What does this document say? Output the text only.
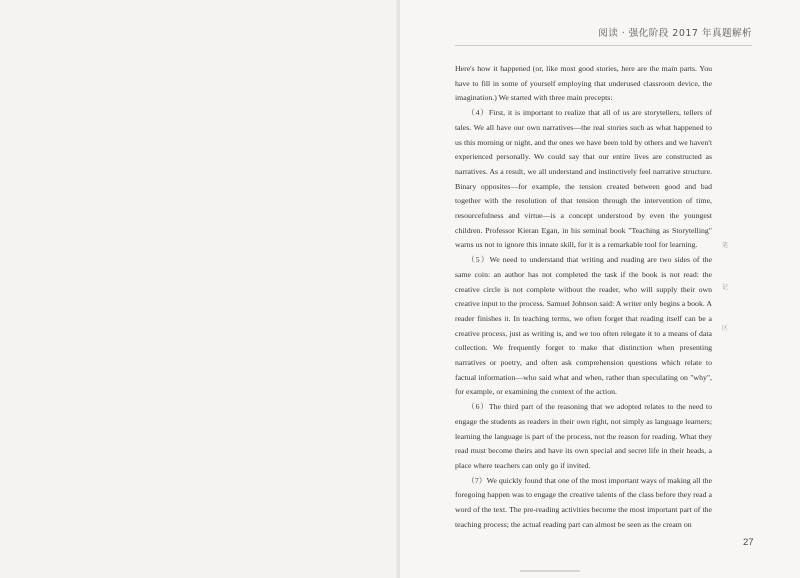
阅读 · 强化阶段 2017 年真题解析

Here's how it happened (or, like most good stories, here are the main parts. You have to fill in some of yourself employing that underused classroom device, the imagination.) We started with three main precepts:

（4）First, it is important to realize that all of us are storytellers, tellers of tales. We all have our own narratives—the real stories such as what happened to us this morning or night, and the ones we have been told by others and we haven't experienced personally. We could say that our entire lives are constructed as narratives. As a result, we all understand and instinctively feel narrative structure. Binary opposites—for example, the tension created between good and bad together with the resolution of that tension through the intervention of time, resourcefulness and virtue—is a concept understood by even the youngest children. Professor Kieran Egan, in his seminal book "Teaching as Storytelling" warns us not to ignore this innate skill, for it is a remarkable tool for learning.

（5）We need to understand that writing and reading are two sides of the same coin: an author has not completed the task if the book is not read: the creative circle is not complete without the reader, who will supply their own creative input to the process. Samuel Johnson said: A writer only begins a book. A reader finishes it. In teaching terms, we often forget that reading itself can be a creative process, just as writing is, and we too often relegate it to a means of data collection. We frequently forget to make that distinction when presenting narratives or poetry, and often ask comprehension questions which relate to factual information—who said what and when, rather than speculating on "why", for example, or examining the context of the action.

（6）The third part of the reasoning that we adopted relates to the need to engage the students as readers in their own right, not simply as language learners; learning the language is part of the process, not the reason for reading. What they read must become theirs and have its own special and secret life in their heads, a place where teachers can only go if invited.

（7）We quickly found that one of the most important ways of making all the foregoing happen was to engage the creative talents of the class before they read a word of the text. The pre-reading activities become the most important part of the teaching process; the actual reading part can almost be seen as the cream on

笔
记
区
27
